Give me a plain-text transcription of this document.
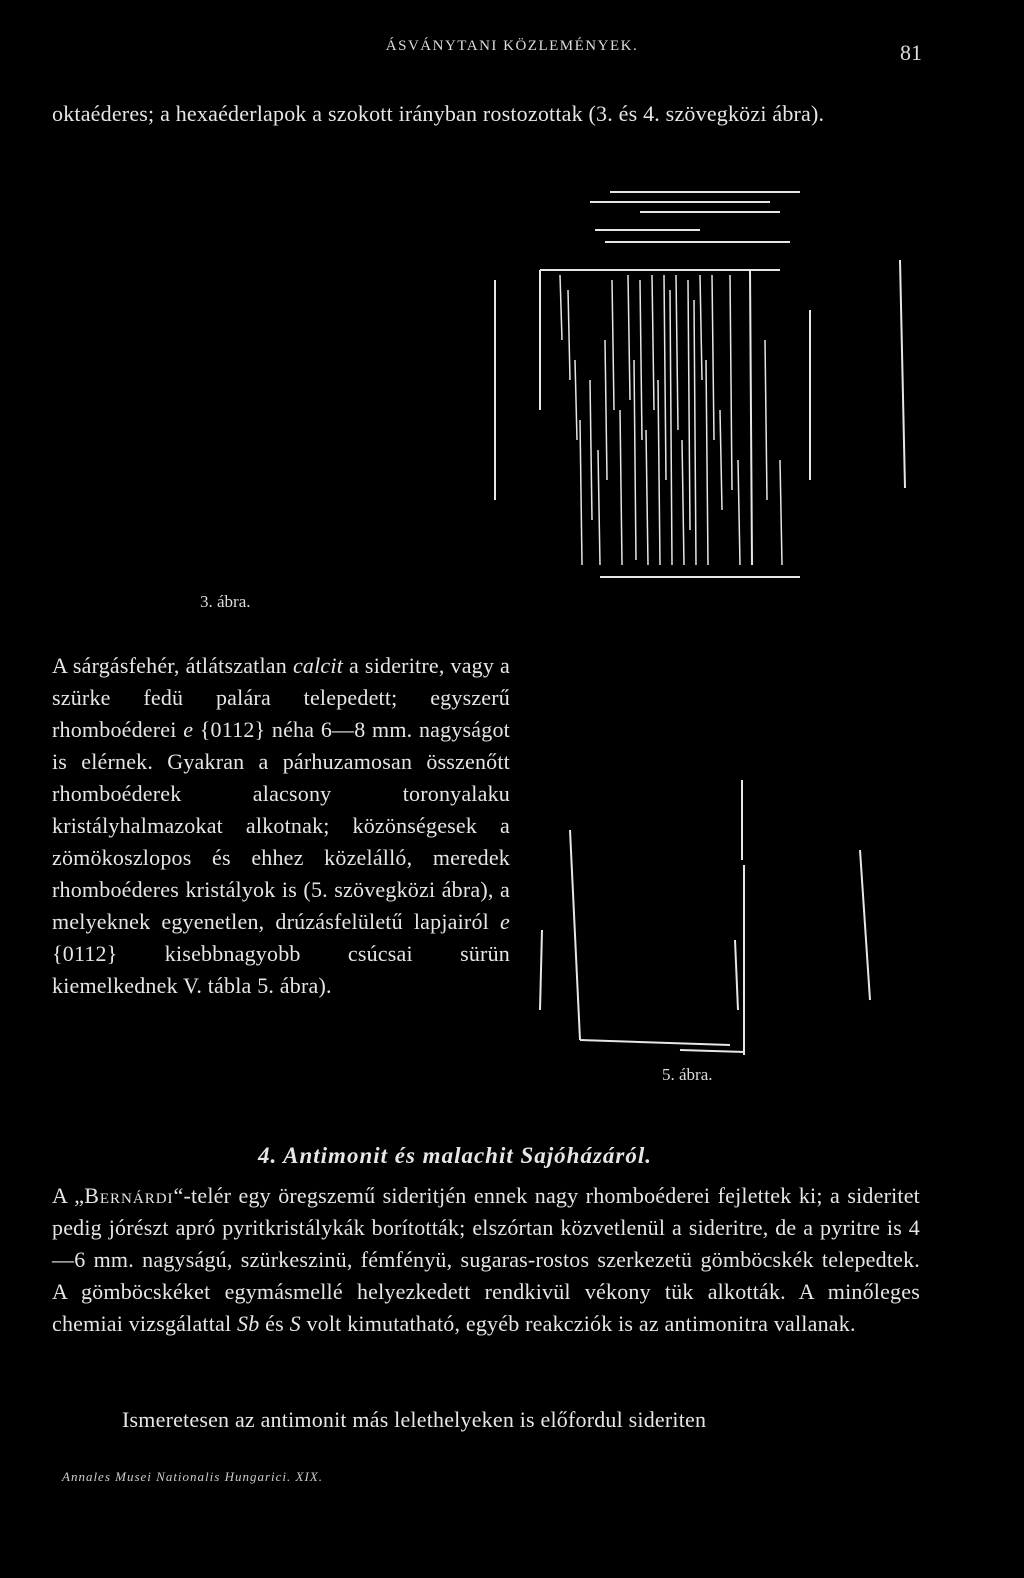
ÁSVÁNYTANI KÖZLEMÉNYEK.	81

oktaéderes; a hexaéderlapok a szokott irányban rostozottak (3. és 4. szövegközi ábra).

3. ábra.

A sárgásfehér, átlátszatlan calcit a sideritre, vagy a szürke fedü palára telepedett; egyszerű rhomboéderei e {0112} néha 6—8 mm. nagyságot is elérnek. Gyakran a párhuzamosan összenőtt rhomboéderek alacsony toronyalaku kristályhalmazokat alkotnak; közönségesek a zömökoszlopos és ehhez közelálló, meredek rhomboéderes kristályok is (5. szövegközi ábra), a melyeknek egyenetlen, drúzásfelületű lapjairól e {0112} kisebbnagyobb csúcsai sürün kiemelkednek V. tábla 5. ábra).

5. ábra.
4. Antimonit és malachit Sajóházáról.

A „Bernárdi“-telér egy öregszemű sideritjén ennek nagy rhomboéderei fejlettek ki; a sideritet pedig jórészt apró pyritkristálykák borították; elszórtan közvetlenül a sideritre, de a pyritre is 4—6 mm. nagyságú, szürkeszinü, fémfényü, sugaras-rostos szerkezetü gömböcskék telepedtek. A gömböcskéket egymásmellé helyezkedett rendkivül vékony tük alkották. A minőleges chemiai vizsgálattal Sb és S volt kimutatható, egyéb reakcziók is az antimonitra vallanak.

Ismeretesen az antimonit más lelethelyeken is előfordul sideriten

Annales Musei Nationalis Hungarici. XIX.
